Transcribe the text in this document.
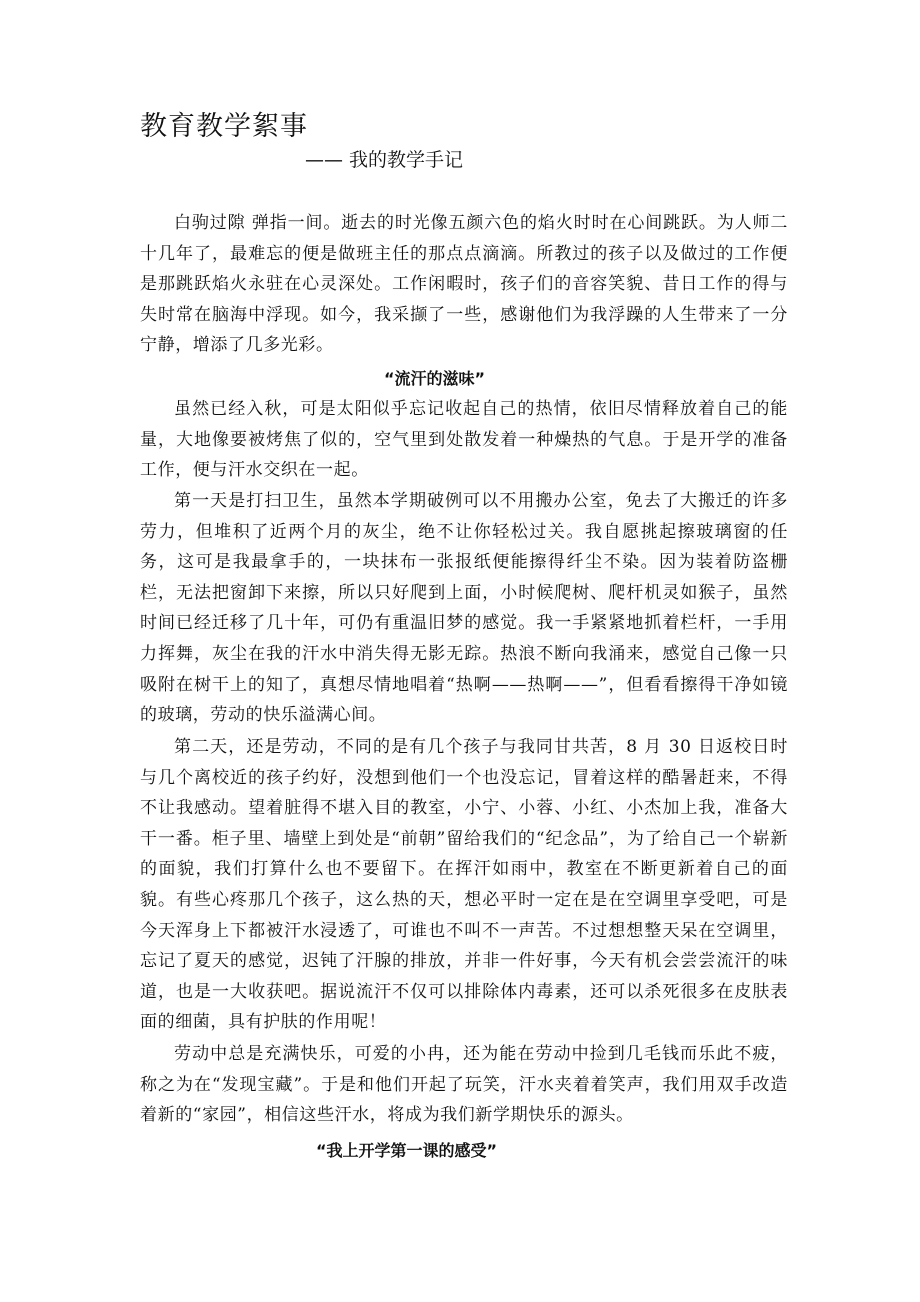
教育教学絮事
—— 我的教学手记

白驹过隙 弹指一间。逝去的时光像五颜六色的焰火时时在心间跳跃。为人师二十几年了，最难忘的便是做班主任的那点点滴滴。所教过的孩子以及做过的工作便是那跳跃焰火永驻在心灵深处。工作闲暇时，孩子们的音容笑貌、昔日工作的得与失时常在脑海中浮现。如今，我采撷了一些，感谢他们为我浮躁的人生带来了一分宁静，增添了几多光彩。

“流汗的滋味”

虽然已经入秋，可是太阳似乎忘记收起自己的热情，依旧尽情释放着自己的能量，大地像要被烤焦了似的，空气里到处散发着一种燥热的气息。于是开学的准备工作，便与汗水交织在一起。

第一天是打扫卫生，虽然本学期破例可以不用搬办公室，免去了大搬迁的许多劳力，但堆积了近两个月的灰尘，绝不让你轻松过关。我自愿挑起擦玻璃窗的任务，这可是我最拿手的，一块抹布一张报纸便能擦得纤尘不染。因为装着防盗栅栏，无法把窗卸下来擦，所以只好爬到上面，小时候爬树、爬杆机灵如猴子，虽然时间已经迁移了几十年，可仍有重温旧梦的感觉。我一手紧紧地抓着栏杆，一手用力挥舞，灰尘在我的汗水中消失得无影无踪。热浪不断向我涌来，感觉自己像一只吸附在树干上的知了，真想尽情地唱着“热啊——热啊——”，但看看擦得干净如镜的玻璃，劳动的快乐溢满心间。

第二天，还是劳动，不同的是有几个孩子与我同甘共苦，8 月 30 日返校日时与几个离校近的孩子约好，没想到他们一个也没忘记，冒着这样的酷暑赶来，不得不让我感动。望着脏得不堪入目的教室，小宁、小蓉、小红、小杰加上我，准备大干一番。柜子里、墙壁上到处是“前朝”留给我们的“纪念品”，为了给自己一个崭新的面貌，我们打算什么也不要留下。在挥汗如雨中，教室在不断更新着自己的面貌。有些心疼那几个孩子，这么热的天，想必平时一定在是在空调里享受吧，可是今天浑身上下都被汗水浸透了，可谁也不叫不一声苦。不过想想整天呆在空调里，忘记了夏天的感觉，迟钝了汗腺的排放，并非一件好事，今天有机会尝尝流汗的味道，也是一大收获吧。据说流汗不仅可以排除体内毒素，还可以杀死很多在皮肤表面的细菌，具有护肤的作用呢！

劳动中总是充满快乐，可爱的小冉，还为能在劳动中捡到几毛钱而乐此不疲，称之为在“发现宝藏”。于是和他们开起了玩笑，汗水夹着着笑声，我们用双手改造着新的“家园”，相信这些汗水，将成为我们新学期快乐的源头。

“我上开学第一课的感受”
